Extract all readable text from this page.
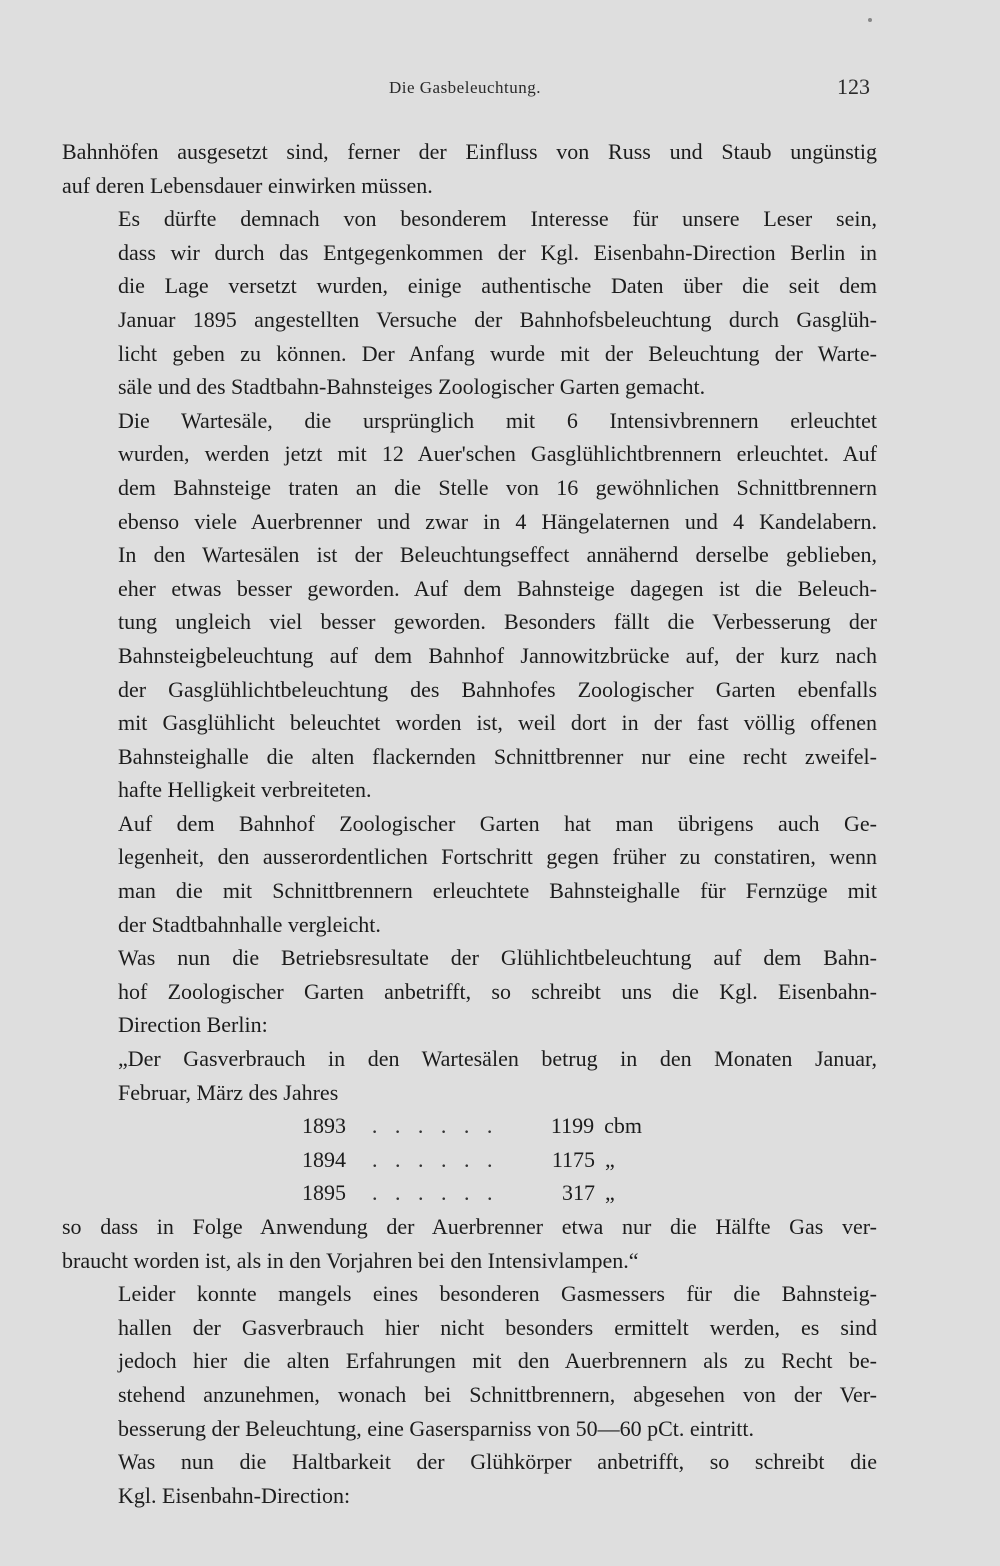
Die Gasbeleuchtung.	123
Bahnhöfen ausgesetzt sind, ferner der Einfluss von Russ und Staub ungünstig
auf deren Lebensdauer einwirken müssen.
Es dürfte demnach von besonderem Interesse für unsere Leser sein,
dass wir durch das Entgegenkommen der Kgl. Eisenbahn-Direction Berlin in
die Lage versetzt wurden, einige authentische Daten über die seit dem
Januar 1895 angestellten Versuche der Bahnhofsbeleuchtung durch Gasglüh-
licht geben zu können. Der Anfang wurde mit der Beleuchtung der Warte-
säle und des Stadtbahn-Bahnsteiges Zoologischer Garten gemacht.
Die Wartesäle, die ursprünglich mit 6 Intensivbrennern erleuchtet
wurden, werden jetzt mit 12 Auer'schen Gasglühlichtbrennern erleuchtet. Auf
dem Bahnsteige traten an die Stelle von 16 gewöhnlichen Schnittbrennern
ebenso viele Auerbrenner und zwar in 4 Hängelaternen und 4 Kandelabern.
In den Wartesälen ist der Beleuchtungseffect annähernd derselbe geblieben,
eher etwas besser geworden. Auf dem Bahnsteige dagegen ist die Beleuch-
tung ungleich viel besser geworden. Besonders fällt die Verbesserung der
Bahnsteigbeleuchtung auf dem Bahnhof Jannowitzbrücke auf, der kurz nach
der Gasglühlichtbeleuchtung des Bahnhofes Zoologischer Garten ebenfalls
mit Gasglühlicht beleuchtet worden ist, weil dort in der fast völlig offenen
Bahnsteighalle die alten flackernden Schnittbrenner nur eine recht zweifel-
hafte Helligkeit verbreiteten.
Auf dem Bahnhof Zoologischer Garten hat man übrigens auch Ge-
legenheit, den ausserordentlichen Fortschritt gegen früher zu constatiren, wenn
man die mit Schnittbrennern erleuchtete Bahnsteighalle für Fernzüge mit
der Stadtbahnhalle vergleicht.
Was nun die Betriebsresultate der Glühlichtbeleuchtung auf dem Bahn-
hof Zoologischer Garten anbetrifft, so schreibt uns die Kgl. Eisenbahn-
Direction Berlin:
„Der Gasverbrauch in den Wartesälen betrug in den Monaten Januar,
Februar, März des Jahres
1893	. . . . . .	1199 cbm
1894	. . . . . .	1175 „
1895	. . . . . .	317 „
so dass in Folge Anwendung der Auerbrenner etwa nur die Hälfte Gas ver-
braucht worden ist, als in den Vorjahren bei den Intensivlampen.“
Leider konnte mangels eines besonderen Gasmessers für die Bahnsteig-
hallen der Gasverbrauch hier nicht besonders ermittelt werden, es sind
jedoch hier die alten Erfahrungen mit den Auerbrennern als zu Recht be-
stehend anzunehmen, wonach bei Schnittbrennern, abgesehen von der Ver-
besserung der Beleuchtung, eine Gasersparniss von 50—60 pCt. eintritt.
Was nun die Haltbarkeit der Glühkörper anbetrifft, so schreibt die
Kgl. Eisenbahn-Direction:
